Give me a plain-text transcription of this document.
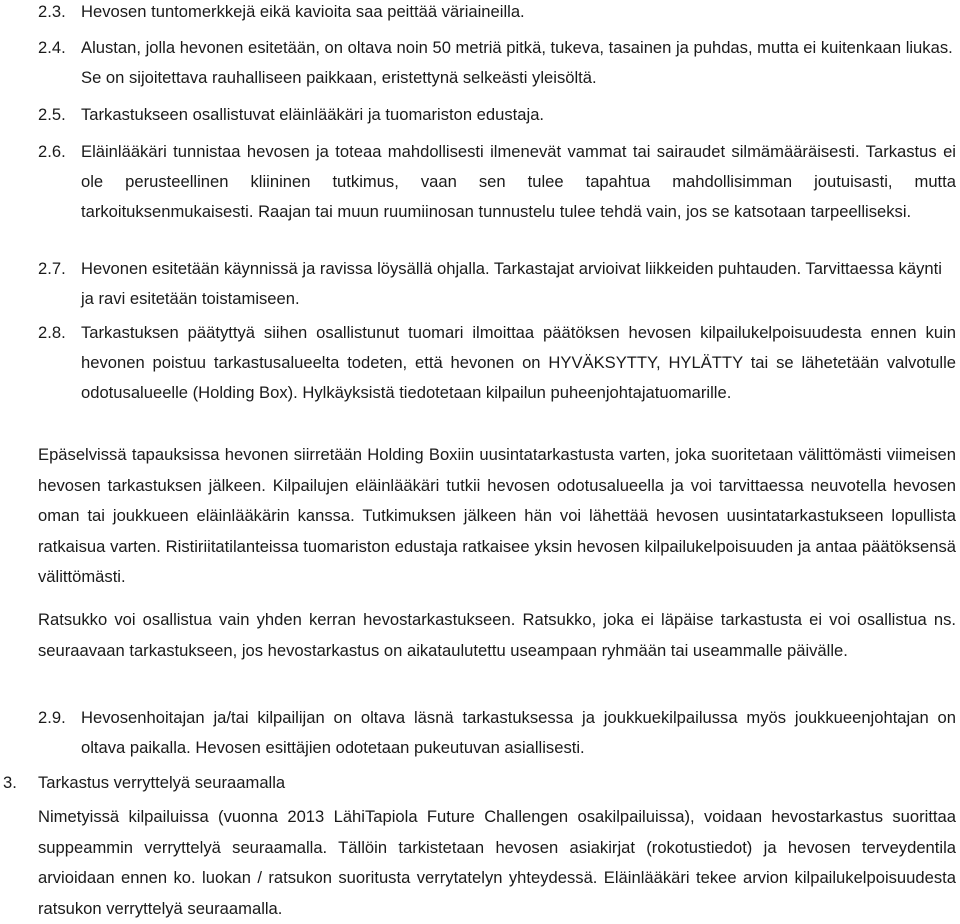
2.3. Hevosen tuntomerkkejä eikä kavioita saa peittää väriaineilla.
2.4. Alustan, jolla hevonen esitetään, on oltava noin 50 metriä pitkä, tukeva, tasainen ja puhdas, mutta ei kuitenkaan liukas. Se on sijoitettava rauhalliseen paikkaan, eristettynä selkeästi yleisöltä.
2.5. Tarkastukseen osallistuvat eläinlääkäri ja tuomariston edustaja.
2.6. Eläinlääkäri tunnistaa hevosen ja toteaa mahdollisesti ilmenevät vammat tai sairaudet silmämääräisesti. Tarkastus ei ole perusteellinen kliininen tutkimus, vaan sen tulee tapahtua mahdollisimman joutuisasti, mutta tarkoituksenmukaisesti. Raajan tai muun ruumiinosan tunnustelu tulee tehdä vain, jos se katsotaan tarpeelliseksi.
2.7. Hevonen esitetään käynnissä ja ravissa löysällä ohjalla. Tarkastajat arvioivat liikkeiden puhtauden. Tarvittaessa käynti ja ravi esitetään toistamiseen.
2.8. Tarkastuksen päätyttyä siihen osallistunut tuomari ilmoittaa päätöksen hevosen kilpailukelpoisuudesta ennen kuin hevonen poistuu tarkastusalueelta todeten, että hevonen on HYVÄKSYTTY, HYLÄTTY tai se lähetetään valvotulle odotusalueelle (Holding Box). Hylkäyksistä tiedotetaan kilpailun puheenjohtajatuomarille.
Epäselvissä tapauksissa hevonen siirretään Holding Boxiin uusintatarkastusta varten, joka suoritetaan välittömästi viimeisen hevosen tarkastuksen jälkeen. Kilpailujen eläinlääkäri tutkii hevosen odotusalueella ja voi tarvittaessa neuvotella hevosen oman tai joukkueen eläinlääkärin kanssa. Tutkimuksen jälkeen hän voi lähettää hevosen uusintatarkastukseen lopullista ratkaisua varten. Ristiriitatilanteissa tuomariston edustaja ratkaisee yksin hevosen kilpailukelpoisuuden ja antaa päätöksensä välittömästi.
Ratsukko voi osallistua vain yhden kerran hevostarkastukseen. Ratsukko, joka ei läpäise tarkastusta ei voi osallistua ns. seuraavaan tarkastukseen, jos hevostarkastus on aikataulutettu useampaan ryhmään tai useammalle päivälle.
2.9. Hevosenhoitajan ja/tai kilpailijan on oltava läsnä tarkastuksessa ja joukkuekilpailussa myös joukkueenjohtajan on oltava paikalla. Hevosen esittäjien odotetaan pukeutuvan asiallisesti.
3. Tarkastus verryttelyä seuraamalla
Nimetyissä kilpailuissa (vuonna 2013 LähiTapiola Future Challengen osakilpailuissa), voidaan hevostarkastus suorittaa suppeammin verryttelyä seuraamalla. Tällöin tarkistetaan hevosen asiakirjat (rokotustiedot) ja hevosen terveydentila arvioidaan ennen ko. luokan / ratsukon suoritusta verrytatelyn yhteydessä. Eläinlääkäri tekee arvion kilpailukelpoisuudesta ratsukon verryttelyä seuraamalla.
